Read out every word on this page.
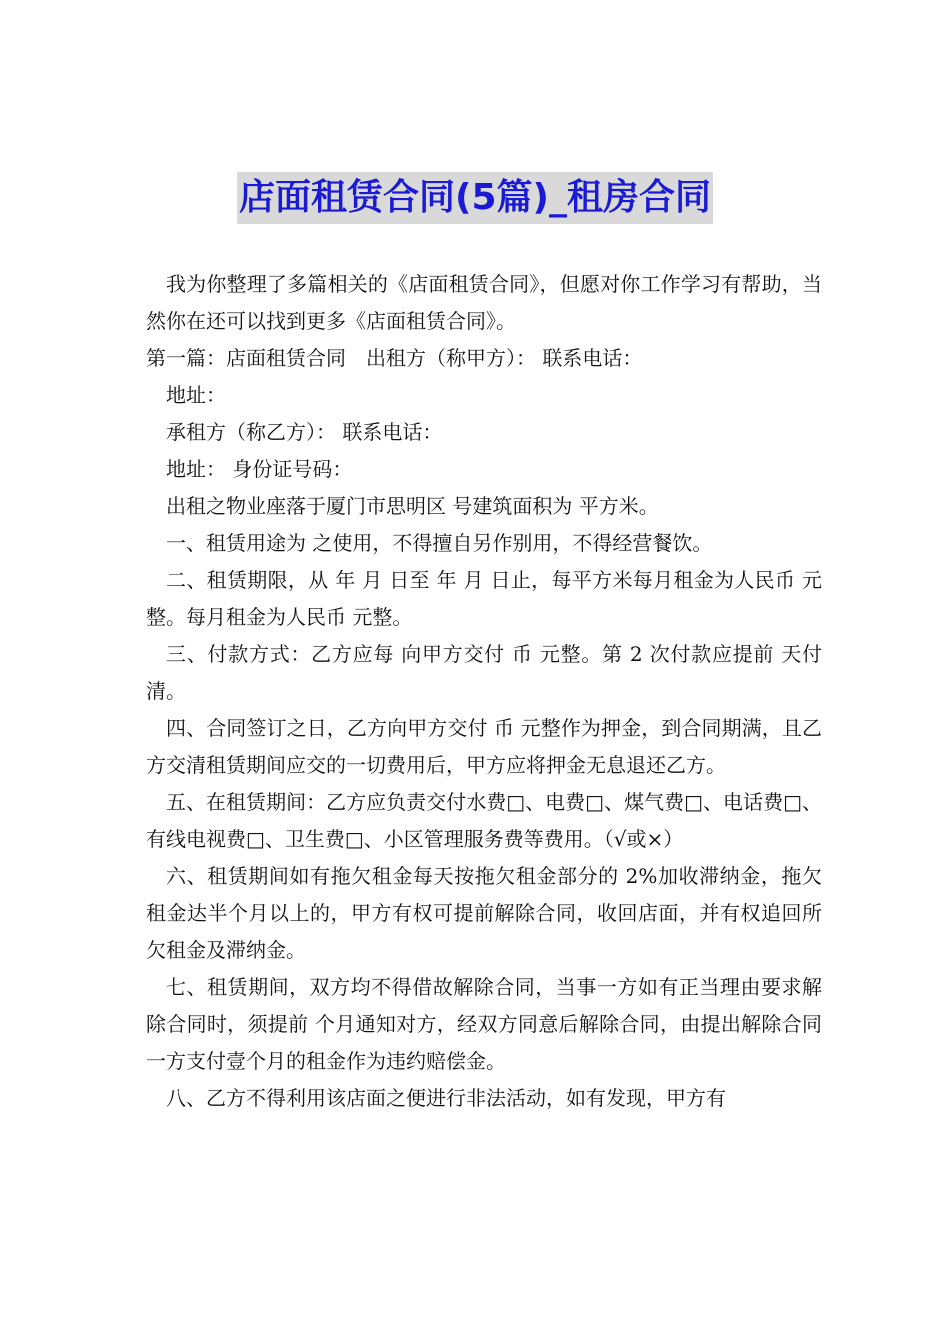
店面租赁合同(5篇)_租房合同

我为你整理了多篇相关的《店面租赁合同》，但愿对你工作学习有帮助，当然你在还可以找到更多《店面租赁合同》。

第一篇：店面租赁合同　出租方（称甲方）： 联系电话：

地址：

承租方（称乙方）： 联系电话：

地址： 身份证号码：

出租之物业座落于厦门市思明区 号建筑面积为 平方米。

一、租赁用途为 之使用，不得擅自另作别用，不得经营餐饮。

二、租赁期限，从 年 月 日至 年 月 日止，每平方米每月租金为人民币 元整。每月租金为人民币 元整。

三、付款方式：乙方应每 向甲方交付 币 元整。第 2 次付款应提前 天付清。

四、合同签订之日，乙方向甲方交付 币 元整作为押金，到合同期满，且乙方交清租赁期间应交的一切费用后，甲方应将押金无息退还乙方。

五、在租赁期间：乙方应负责交付水费□、电费□、煤气费□、电话费□、有线电视费□、卫生费□、小区管理服务费等费用。（√或×）

六、租赁期间如有拖欠租金每天按拖欠租金部分的 2%加收滞纳金，拖欠租金达半个月以上的，甲方有权可提前解除合同，收回店面，并有权追回所欠租金及滞纳金。

七、租赁期间，双方均不得借故解除合同，当事一方如有正当理由要求解除合同时，须提前 个月通知对方，经双方同意后解除合同，由提出解除合同一方支付壹个月的租金作为违约赔偿金。

八、乙方不得利用该店面之便进行非法活动，如有发现，甲方有
